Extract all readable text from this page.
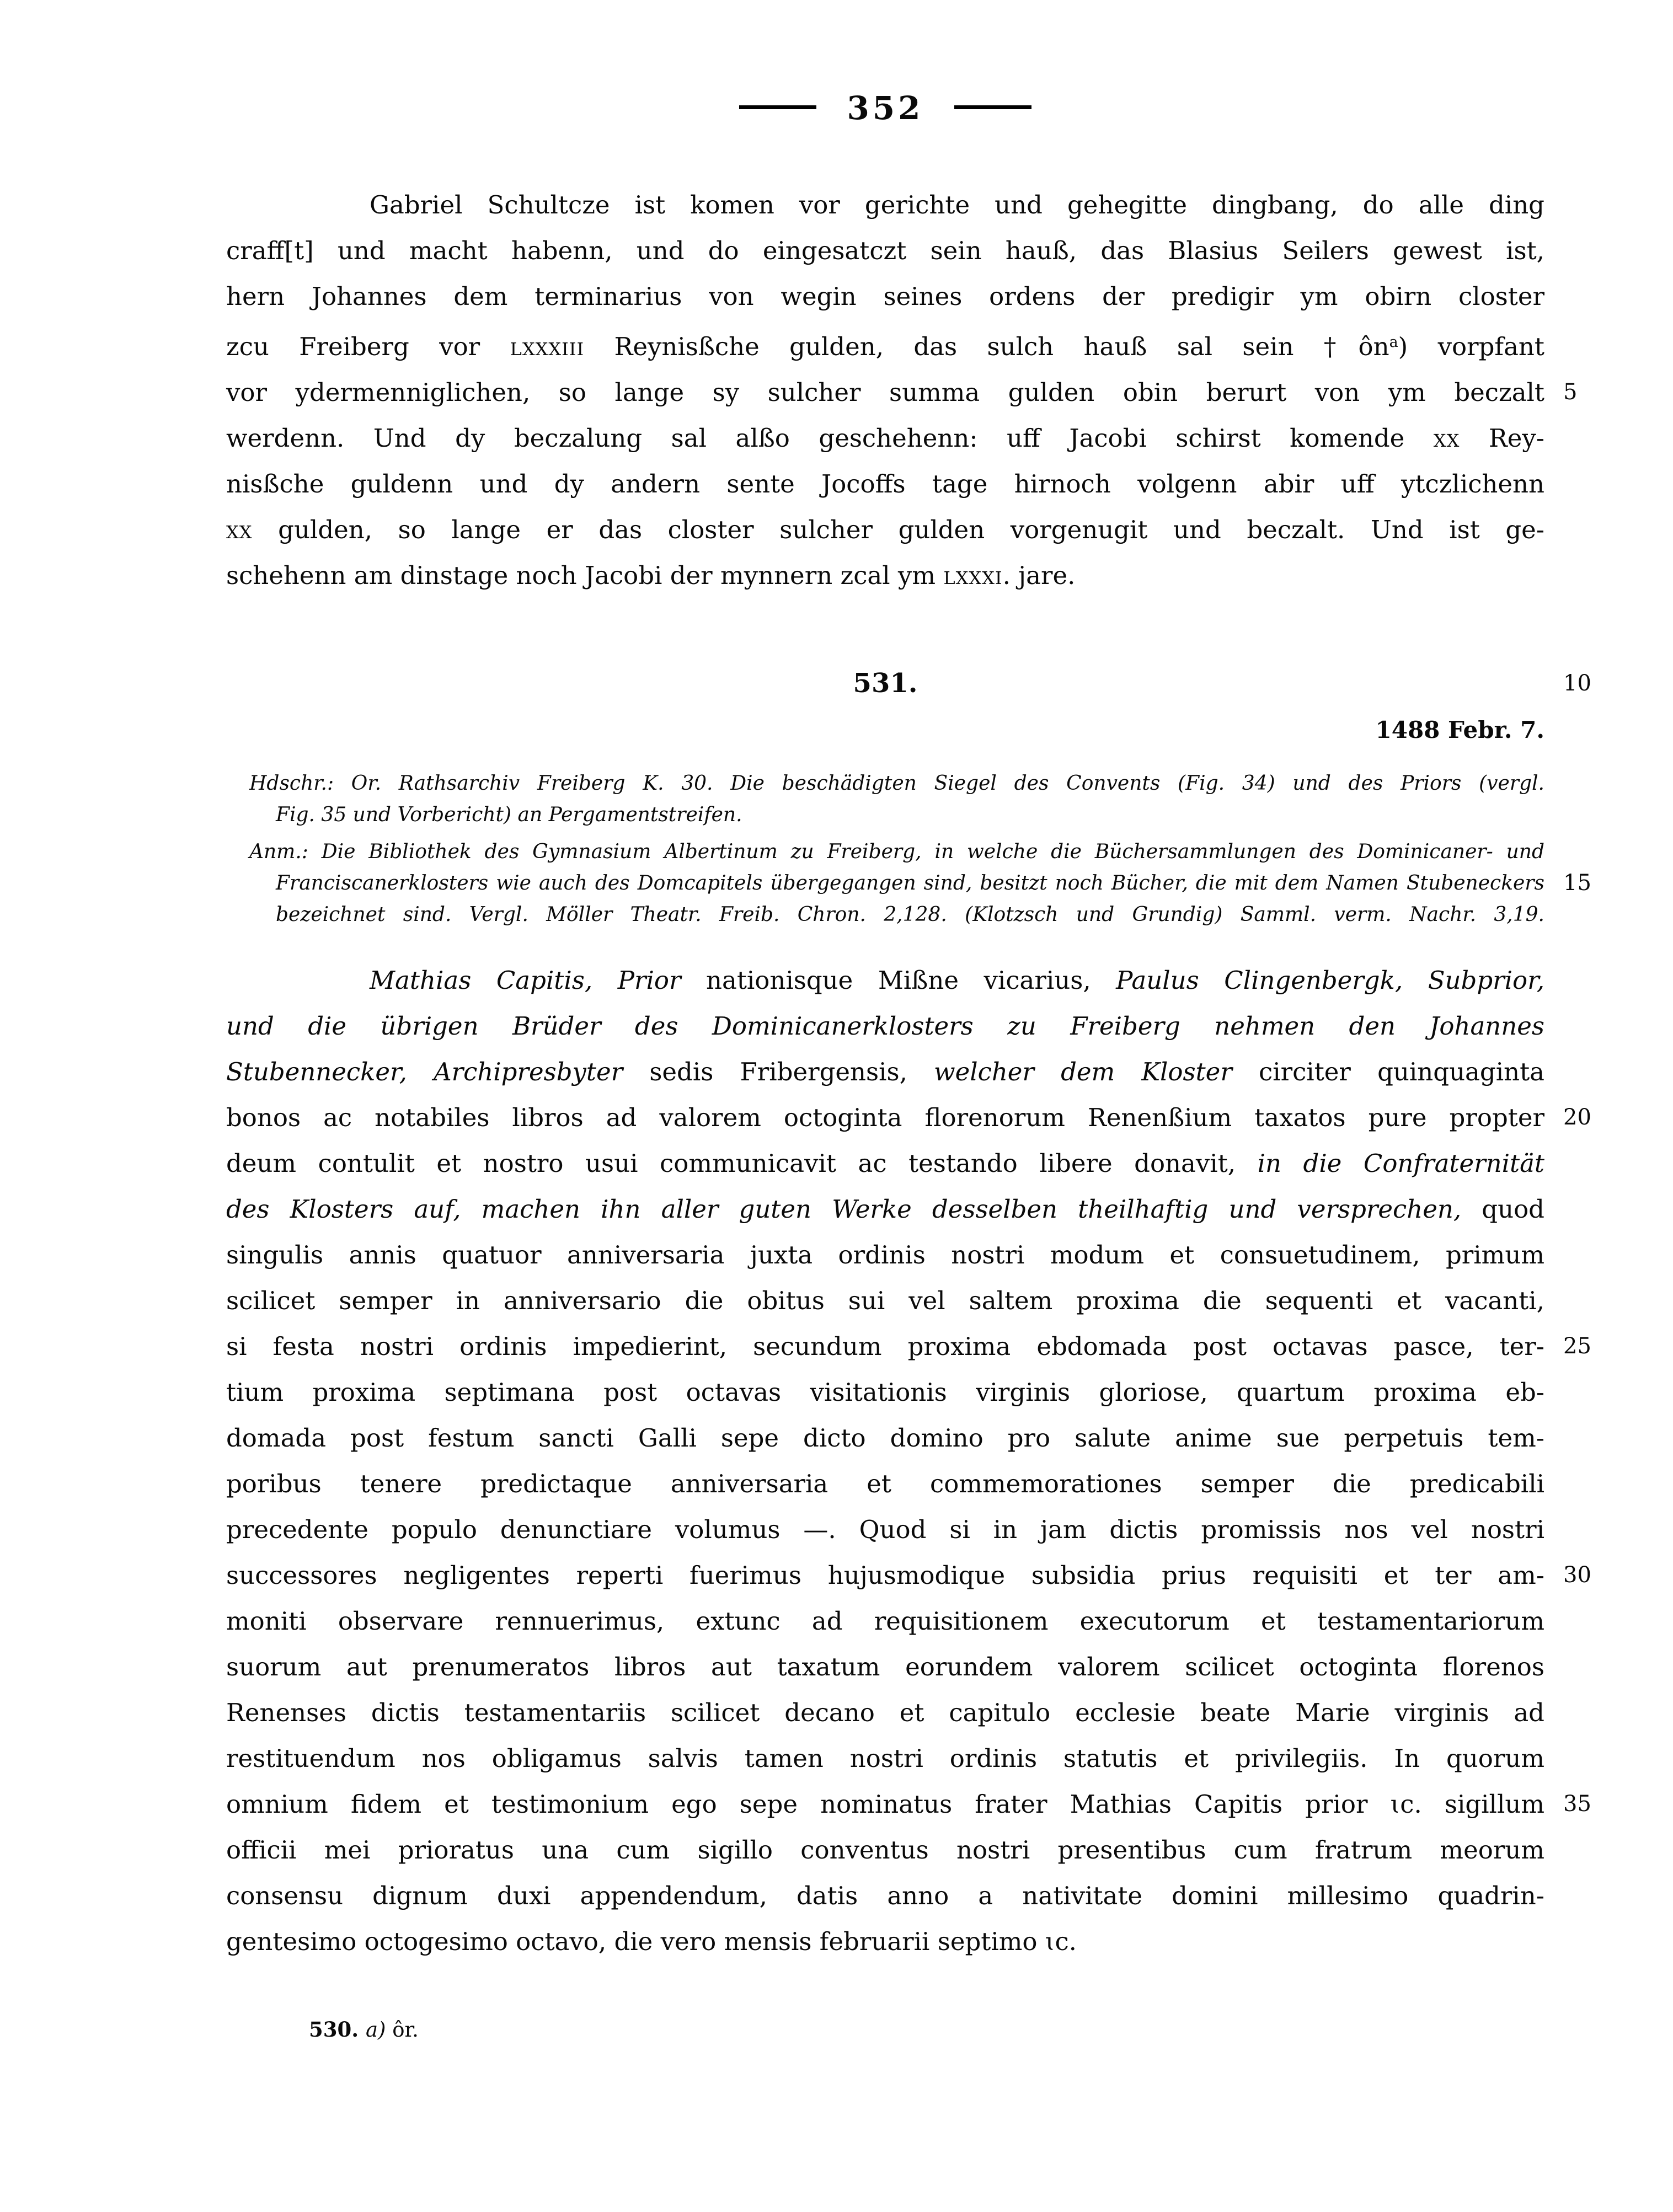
352
Gabriel Schultcze ist komen vor gerichte und gehegitte dingbang, do alle ding
craff[t] und macht habenn, und do eingesatczt sein hauß, das Blasius Seilers gewest ist,
hern Johannes dem terminarius von wegin seines ordens der predigir ym obirn closter
zcu Freiberg vor lxxxiii Reynisßche gulden, das sulch hauß sal sein $\dagger ôn^a$) vorpfant
vor ydermenniglichen, so lange sy sulcher summa gulden obin berurt von ym beczalt 5
werdenn. Und dy beczalung sal alßo geschehenn: uff Jacobi schirst komende xx Rey-
nisßche guldenn und dy andern sente Jocoffs tage hirnoch volgenn abir uff ytczlichenn
xx gulden, so lange er das closter sulcher gulden vorgenugit und beczalt. Und ist ge-
schehenn am dinstage noch Jacobi der mynnern zcal ym lxxxi. jare.
531.	10
1488 Febr. 7.
Hdschr.: Or. Rathsarchiv Freiberg K. 30. Die beschädigten Siegel des Convents (Fig. 34) und des Priors (vergl.
Fig. 35 und Vorbericht) an Pergamentstreifen.
Anm.: Die Bibliothek des Gymnasium Albertinum zu Freiberg, in welche die Büchersammlungen des Dominicaner- und
Franciscanerklosters wie auch des Domcapitels übergegangen sind, besitzt noch Bücher, die mit dem Namen Stubeneckers 15
bezeichnet sind. Vergl. Möller Theatr. Freib. Chron. 2,128. (Klotzsch und Grundig) Samml. verm. Nachr. 3,19.
Mathias Capitis, Prior nationisque Mißne vicarius, Paulus Clingenbergk, Subprior,
und die übrigen Brüder des Dominicanerklosters zu Freiberg nehmen den Johannes
Stubennecker, Archipresbyter sedis Fribergensis, welcher dem Kloster circiter quinquaginta
bonos ac notabiles libros ad valorem octoginta florenorum Renenßium taxatos pure propter 20
deum contulit et nostro usui communicavit ac testando libere donavit, in die Confraternität
des Klosters auf, machen ihn aller guten Werke desselben theilhaftig und versprechen, quod
singulis annis quatuor anniversaria juxta ordinis nostri modum et consuetudinem, primum
scilicet semper in anniversario die obitus sui vel saltem proxima die sequenti et vacanti,
si festa nostri ordinis impedierint, secundum proxima ebdomada post octavas pasce, ter- 25
tium proxima septimana post octavas visitationis virginis gloriose, quartum proxima eb-
domada post festum sancti Galli sepe dicto domino pro salute anime sue perpetuis tem-
poribus tenere predictaque anniversaria et commemorationes semper die predicabili
precedente populo denunctiare volumus —. Quod si in jam dictis promissis nos vel nostri
successores negligentes reperti fuerimus hujusmodique subsidia prius requisiti et ter am- 30
moniti observare rennuerimus, extunc ad requisitionem executorum et testamentariorum
suorum aut prenumeratos libros aut taxatum eorundem valorem scilicet octoginta florenos
Renenses dictis testamentariis scilicet decano et capitulo ecclesie beate Marie virginis ad
restituendum nos obligamus salvis tamen nostri ordinis statutis et privilegiis. In quorum
omnium fidem et testimonium ego sepe nominatus frater Mathias Capitis prior ɩc. sigillum 35
officii mei prioratus una cum sigillo conventus nostri presentibus cum fratrum meorum
consensu dignum duxi appendendum, datis anno a nativitate domini millesimo quadrin-
gentesimo octogesimo octavo, die vero mensis februarii septimo ɩc.
530. a) ôr.
